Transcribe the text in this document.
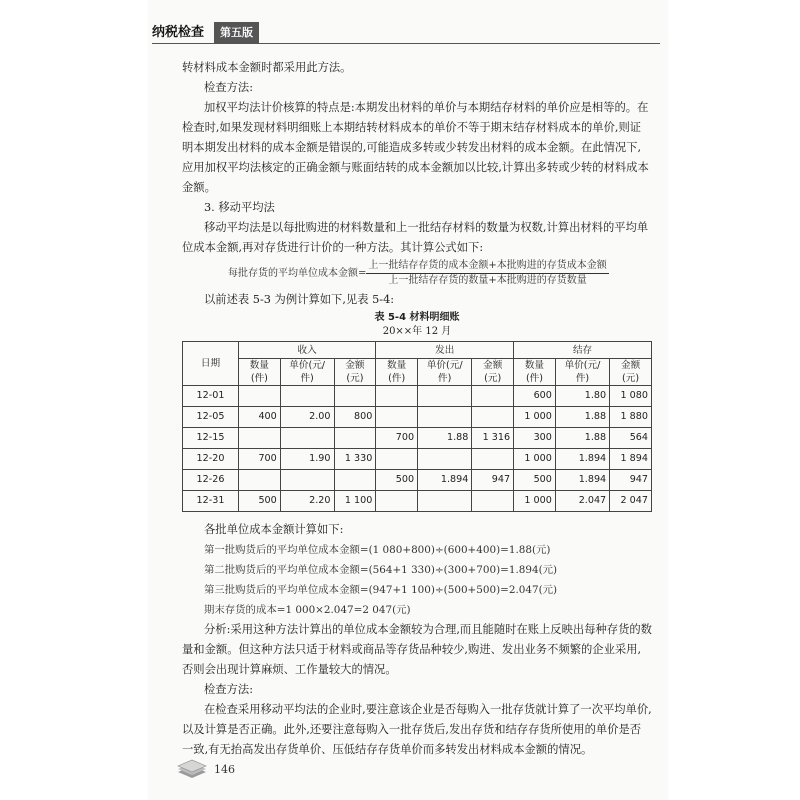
纳税检查	第五版

转材料成本金额时都采用此方法。

检查方法:

加权平均法计价核算的特点是:本期发出材料的单价与本期结存材料的单价应是相等的。在检查时,如果发现材料明细账上本期结转材料成本的单价不等于期末结存材料成本的单价,则证明本期发出材料的成本金额是错误的,可能造成多转或少转发出材料的成本金额。在此情况下,应用加权平均法核定的正确金额与账面结转的成本金额加以比较,计算出多转或少转的材料成本金额。

3. 移动平均法

移动平均法是以每批购进的材料数量和上一批结存材料的数量为权数,计算出材料的平均单位成本金额,再对存货进行计价的一种方法。其计算公式如下:

每批存货的平均单位成本金额= $\frac{\text{上一批结存存货的成本金额+本批购进的存货成本金额}}{\text{上一批结存存货的数量+本批购进的存货数量}}$

以前述表 5-3 为例计算如下,见表 5-4:

表 5-4 材料明细账
20××年 12 月
日期	收入			发出			结存		
	数量(件)	单价(元/件)	金额(元)	数量(件)	单价(元/件)	金额(元)	数量(件)	单价(元/件)	金额(元)
12-01							600	1.80	1 080
12-05	400	2.00	800				1 000	1.88	1 880
12-15				700	1.88	1 316	300	1.88	564
12-20	700	1.90	1 330				1 000	1.894	1 894
12-26				500	1.894	947	500	1.894	947
12-31	500	2.20	1 100				1 000	2.047	2 047

各批单位成本金额计算如下:

第一批购货后的平均单位成本金额=(1 080+800)÷(600+400)=1.88(元)
第二批购货后的平均单位成本金额=(564+1 330)÷(300+700)=1.894(元)
第三批购货后的平均单位成本金额=(947+1 100)÷(500+500)=2.047(元)
期末存货的成本=1 000×2.047=2 047(元)

分析:采用这种方法计算出的单位成本金额较为合理,而且能随时在账上反映出每种存货的数量和金额。但这种方法只适于材料或商品等存货品种较少,购进、发出业务不频繁的企业采用,否则会出现计算麻烦、工作量较大的情况。

检查方法:

在检查采用移动平均法的企业时,要注意该企业是否每购入一批存货就计算了一次平均单价,以及计算是否正确。此外,还要注意每购入一批存货后,发出存货和结存存货所使用的单价是否一致,有无抬高发出存货单价、压低结存存货单价而多转发出材料成本金额的情况。

146
